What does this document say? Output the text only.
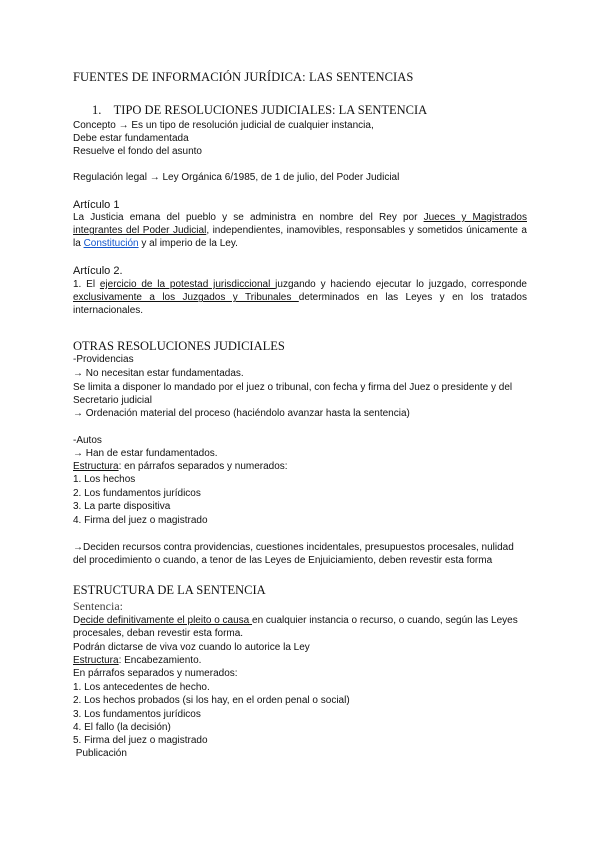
FUENTES DE INFORMACIÓN JURÍDICA: LAS SENTENCIAS
1. TIPO DE RESOLUCIONES JUDICIALES: LA SENTENCIA
Concepto → Es un tipo de resolución judicial de cualquier instancia,
Debe estar fundamentada
Resuelve el fondo del asunto
Regulación legal → Ley Orgánica 6/1985, de 1 de julio, del Poder Judicial
Artículo 1
La Justicia emana del pueblo y se administra en nombre del Rey por Jueces y Magistrados integrantes del Poder Judicial, independientes, inamovibles, responsables y sometidos únicamente a la Constitución y al imperio de la Ley.
Artículo 2.
1. El ejercicio de la potestad jurisdiccional juzgando y haciendo ejecutar lo juzgado, corresponde exclusivamente a los Juzgados y Tribunales determinados en las Leyes y en los tratados internacionales.
OTRAS RESOLUCIONES JUDICIALES
-Providencias
→ No necesitan estar fundamentadas.
Se limita a disponer lo mandado por el juez o tribunal, con fecha y firma del Juez o presidente y del
Secretario judicial
→ Ordenación material del proceso (haciéndolo avanzar hasta la sentencia)
-Autos
→ Han de estar fundamentados.
Estructura: en párrafos separados y numerados:
1. Los hechos
2. Los fundamentos jurídicos
3. La parte dispositiva
4. Firma del juez o magistrado
→Deciden recursos contra providencias, cuestiones incidentales, presupuestos procesales, nulidad
del procedimiento o cuando, a tenor de las Leyes de Enjuiciamiento, deben revestir esta forma
ESTRUCTURA DE LA SENTENCIA
Sentencia:
Decide definitivamente el pleito o causa en cualquier instancia o recurso, o cuando, según las Leyes
procesales, deban revestir esta forma.
Podrán dictarse de viva voz cuando lo autorice la Ley
Estructura: Encabezamiento.
En párrafos separados y numerados:
1. Los antecedentes de hecho.
2. Los hechos probados (si los hay, en el orden penal o social)
3. Los fundamentos jurídicos
4. El fallo (la decisión)
5. Firma del juez o magistrado
Publicación
